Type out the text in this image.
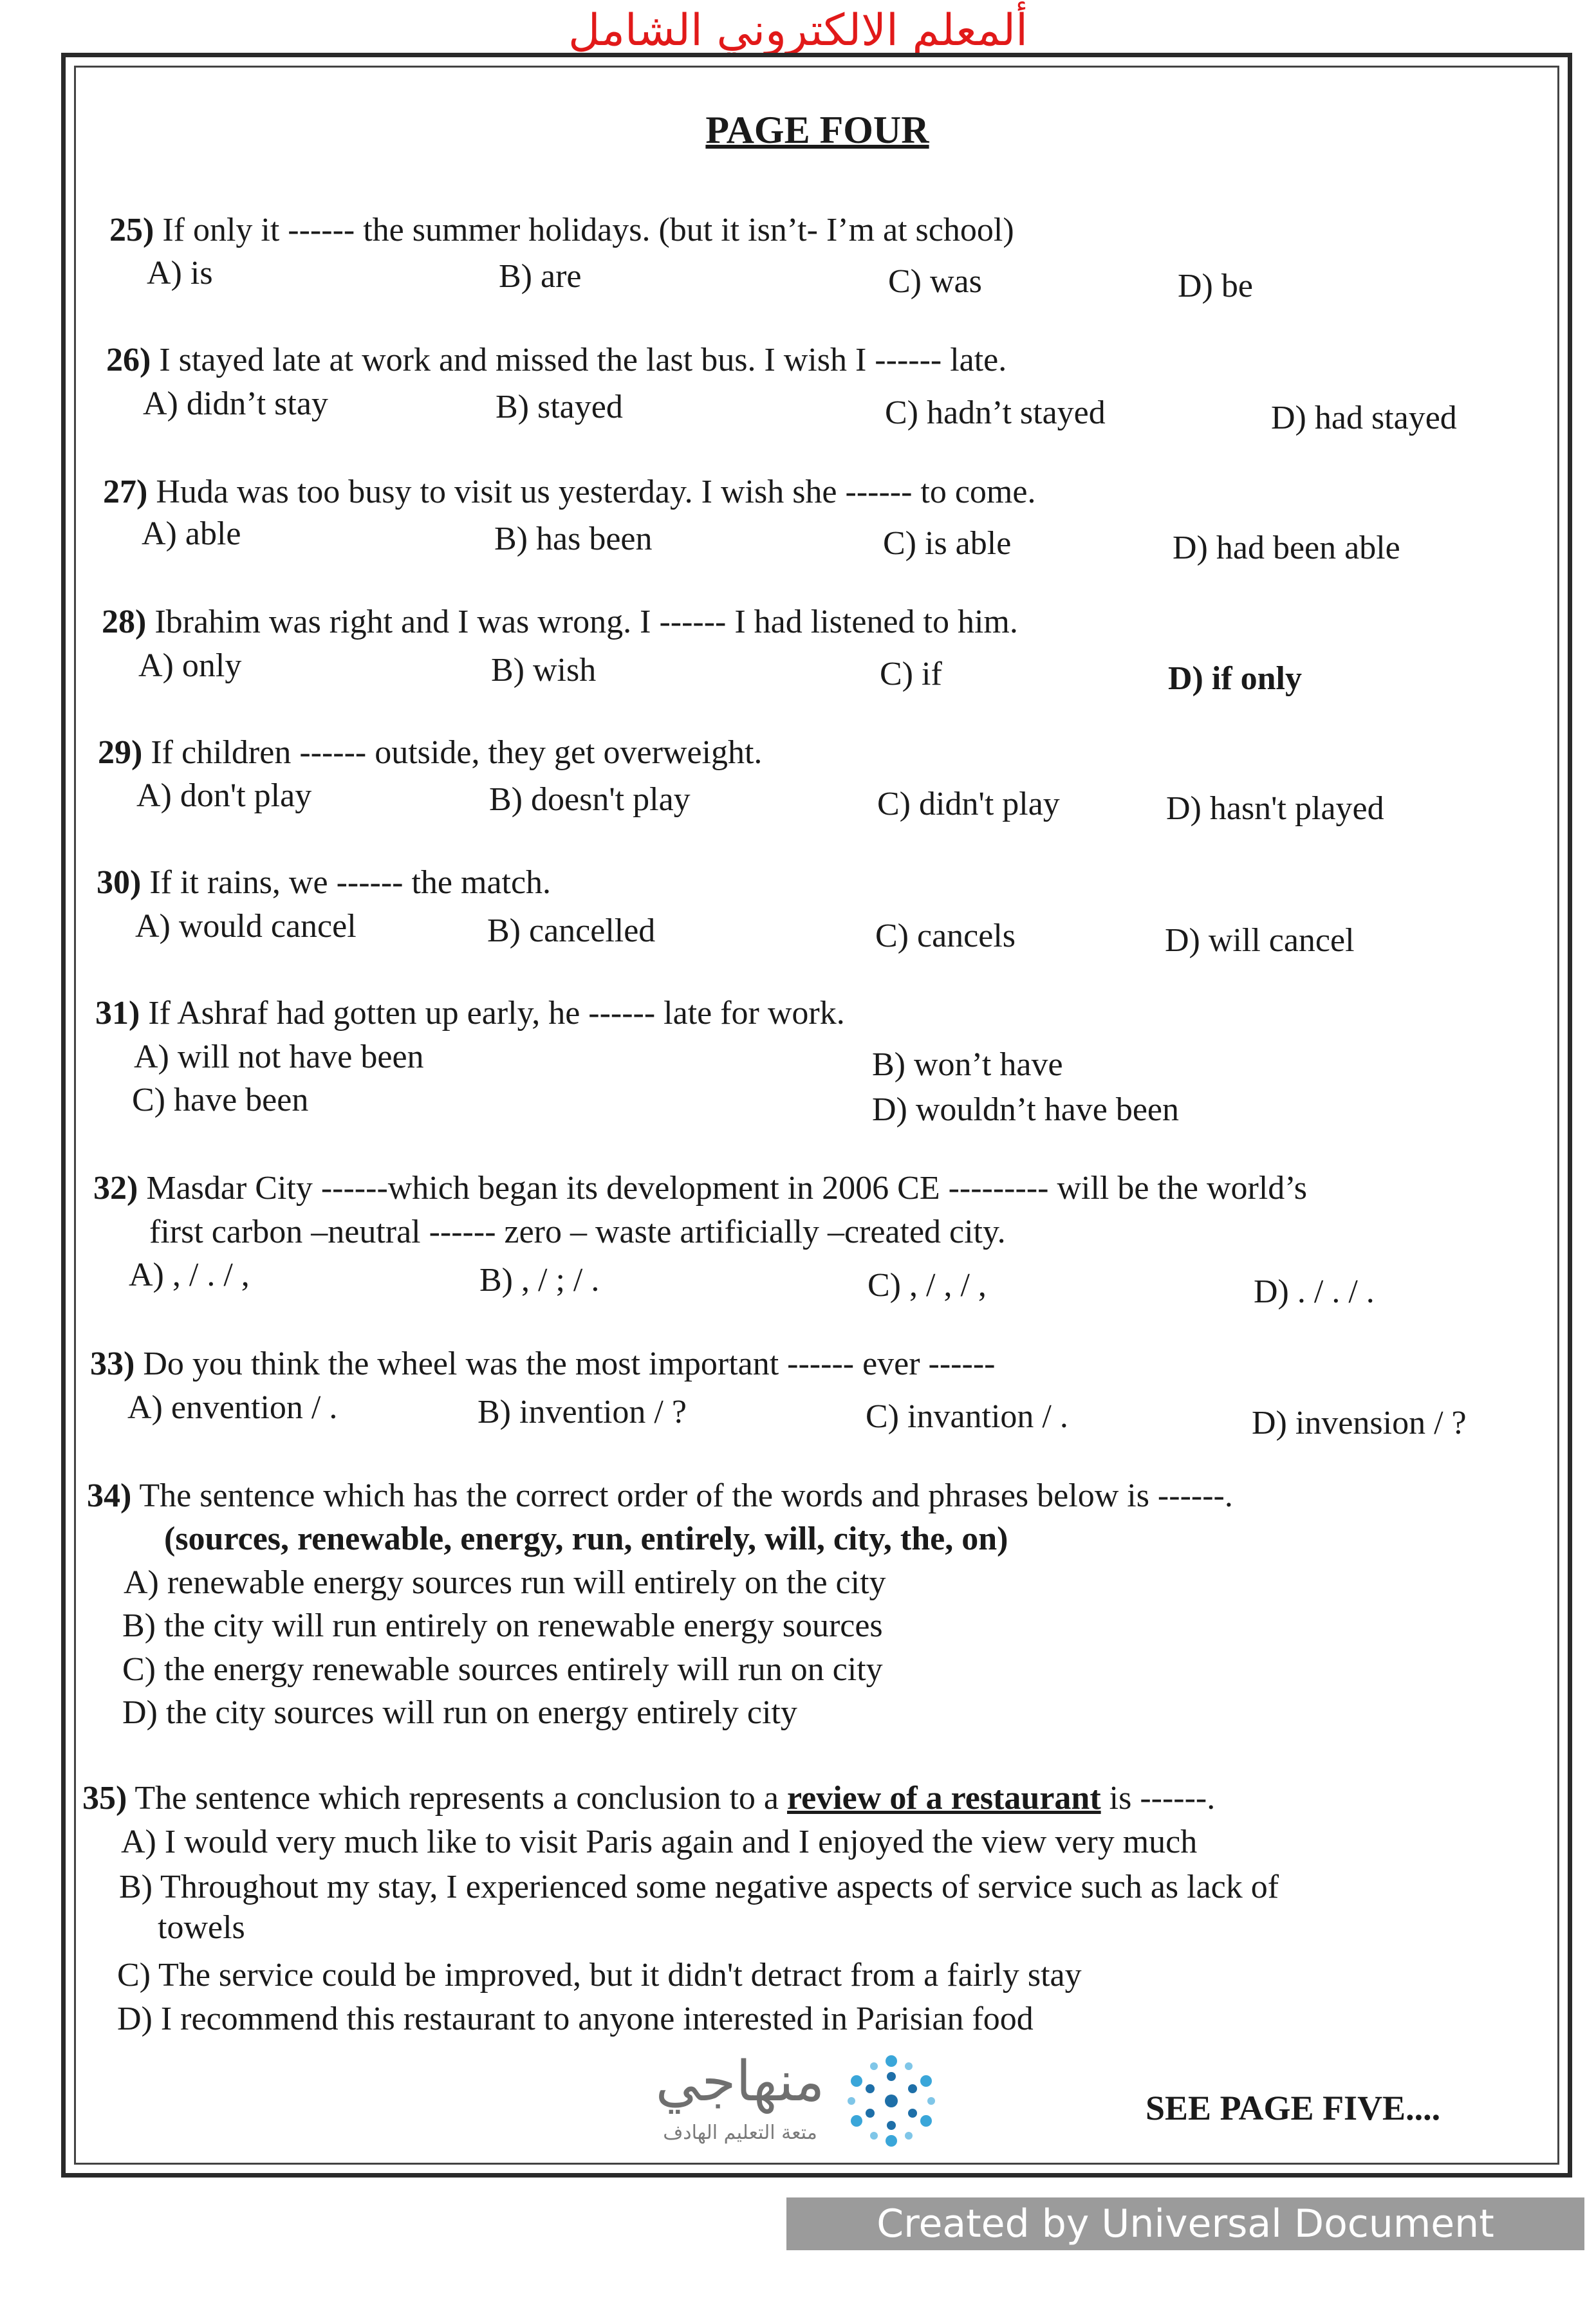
ألمعلم الالكتروني الشامل
PAGE FOUR
25) If only it ------ the summer holidays. (but it isn’t- I’m at school)
A) is	B) are	C) was	D) be
26) I stayed late at work and missed the last bus. I wish I ------ late.
A) didn’t stay	B) stayed	C) hadn’t stayed	D) had stayed
27) Huda was too busy to visit us yesterday. I wish she ------ to come.
A) able	B) has been	C) is able	D) had been able
28) Ibrahim was right and I was wrong. I ------ I had listened to him.
A) only	B) wish	C) if	D) if only
29) If children ------ outside, they get overweight.
A) don't play	B) doesn't play	C) didn't play	D) hasn't played
30) If it rains, we ------ the match.
A) would cancel	B) cancelled	C) cancels	D) will cancel
31) If Ashraf had gotten up early, he ------ late for work.
A) will not have been	B) won’t have
C) have been	D) wouldn’t have been
32) Masdar City ------which began its development in 2006 CE --------- will be the world’s
first carbon –neutral ------ zero – waste artificially –created city.
A) , / . / ,	B) , / ; / .	C) , / , / ,	D) . / . / .
33) Do you think the wheel was the most important ------ ever ------
A) envention / .	B) invention / ?	C) invantion / .	D) invension / ?
34) The sentence which has the correct order of the words and phrases below is ------.
(sources, renewable, energy, run, entirely, will, city, the, on)
A) renewable energy sources run will entirely on the city
B) the city will run entirely on renewable energy sources
C) the energy renewable sources entirely will run on city
D) the city sources will run on energy entirely city
35) The sentence which represents a conclusion to a review of a restaurant is ------.
A) I would very much like to visit Paris again and I enjoyed the view very much
B) Throughout my stay, I experienced some negative aspects of service such as lack of
towels
C) The service could be improved, but it didn't detract from a fairly stay
D) I recommend this restaurant to anyone interested in Parisian food
منهاجي
متعة التعليم الهادف
SEE PAGE FIVE....
Created by Universal Document Converter
